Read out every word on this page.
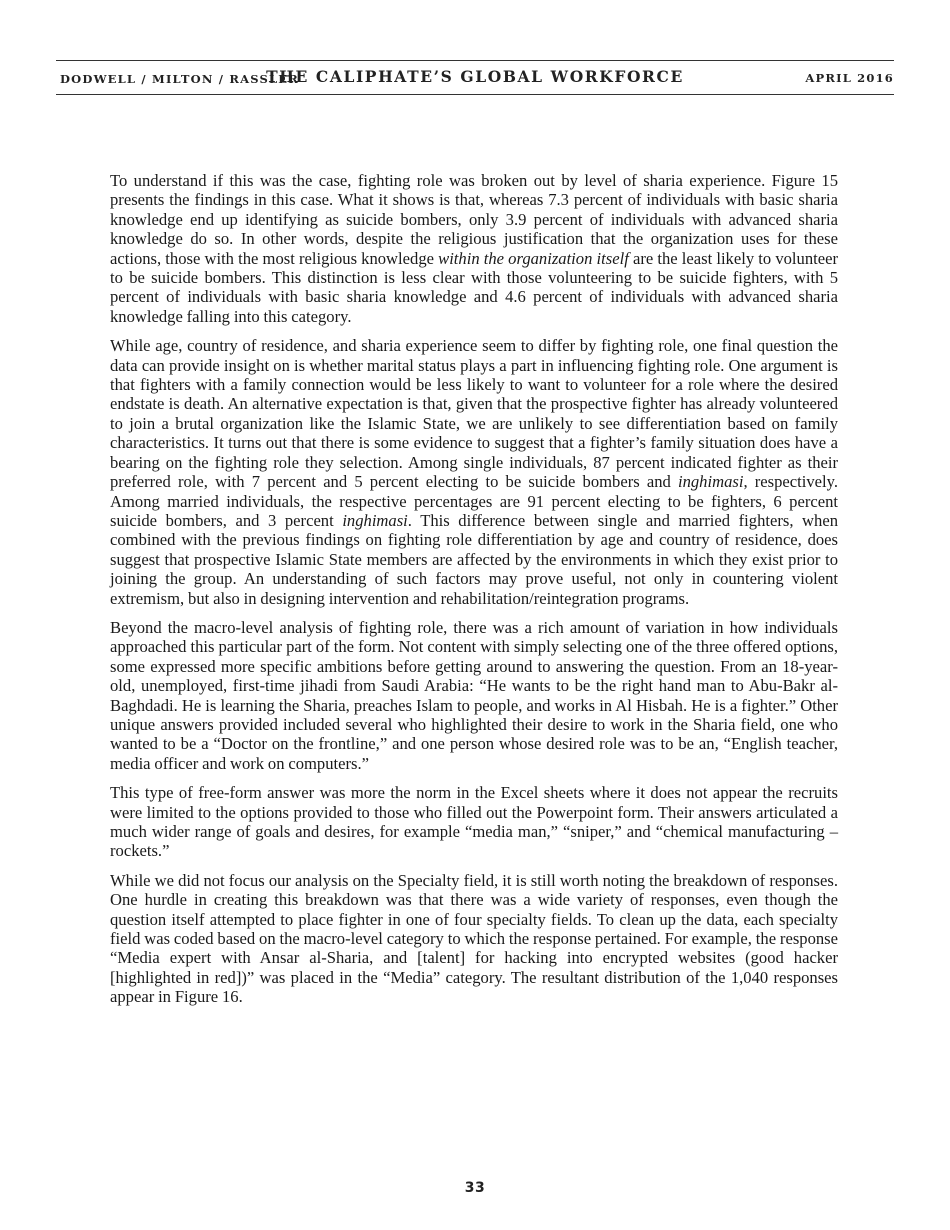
DODWELL / MILTON / RASSLER
THE CALIPHATE’S GLOBAL WORKFORCE	APRIL 2016

To understand if this was the case, fighting role was broken out by level of sharia experience. Figure 15 presents the findings in this case. What it shows is that, whereas 7.3 percent of individuals with basic sharia knowledge end up identifying as suicide bombers, only 3.9 percent of individuals with advanced sharia knowledge do so. In other words, despite the religious justification that the organization uses for these actions, those with the most religious knowledge within the organization itself are the least likely to volunteer to be suicide bombers. This distinction is less clear with those volunteering to be suicide fighters, with 5 percent of individuals with basic sharia knowledge and 4.6 percent of individuals with advanced sharia knowledge falling into this category.

While age, country of residence, and sharia experience seem to differ by fighting role, one final question the data can provide insight on is whether marital status plays a part in influencing fighting role. One argument is that fighters with a family connection would be less likely to want to volunteer for a role where the desired endstate is death. An alternative expectation is that, given that the prospective fighter has already volunteered to join a brutal organization like the Islamic State, we are unlikely to see differentiation based on family characteristics. It turns out that there is some evidence to suggest that a fighter’s family situation does have a bearing on the fighting role they selection. Among single individuals, 87 percent indicated fighter as their preferred role, with 7 percent and 5 percent electing to be suicide bombers and inghimasi, respectively. Among married individuals, the respective percentages are 91 percent electing to be fighters, 6 percent suicide bombers, and 3 percent inghimasi. This difference between single and married fighters, when combined with the previous findings on fighting role differentiation by age and country of residence, does suggest that prospective Islamic State members are affected by the environments in which they exist prior to joining the group. An understanding of such factors may prove useful, not only in countering violent extremism, but also in designing intervention and rehabilitation/reintegration programs.

Beyond the macro-level analysis of fighting role, there was a rich amount of variation in how individuals approached this particular part of the form. Not content with simply selecting one of the three offered options, some expressed more specific ambitions before getting around to answering the question. From an 18-year-old, unemployed, first-time jihadi from Saudi Arabia: “He wants to be the right hand man to Abu-Bakr al-Baghdadi. He is learning the Sharia, preaches Islam to people, and works in Al Hisbah. He is a fighter.” Other unique answers provided included several who highlighted their desire to work in the Sharia field, one who wanted to be a “Doctor on the frontline,” and one person whose desired role was to be an, “English teacher, media officer and work on computers.”

This type of free-form answer was more the norm in the Excel sheets where it does not appear the recruits were limited to the options provided to those who filled out the Powerpoint form. Their answers articulated a much wider range of goals and desires, for example “media man,” “sniper,” and “chemical manufacturing – rockets.”

While we did not focus our analysis on the Specialty field, it is still worth noting the breakdown of responses. One hurdle in creating this breakdown was that there was a wide variety of responses, even though the question itself attempted to place fighter in one of four specialty fields. To clean up the data, each specialty field was coded based on the macro-level category to which the response pertained. For example, the response “Media expert with Ansar al-Sharia, and [talent] for hacking into encrypted websites (good hacker [highlighted in red])” was placed in the “Media” category. The resultant distribution of the 1,040 responses appear in Figure 16.

33
